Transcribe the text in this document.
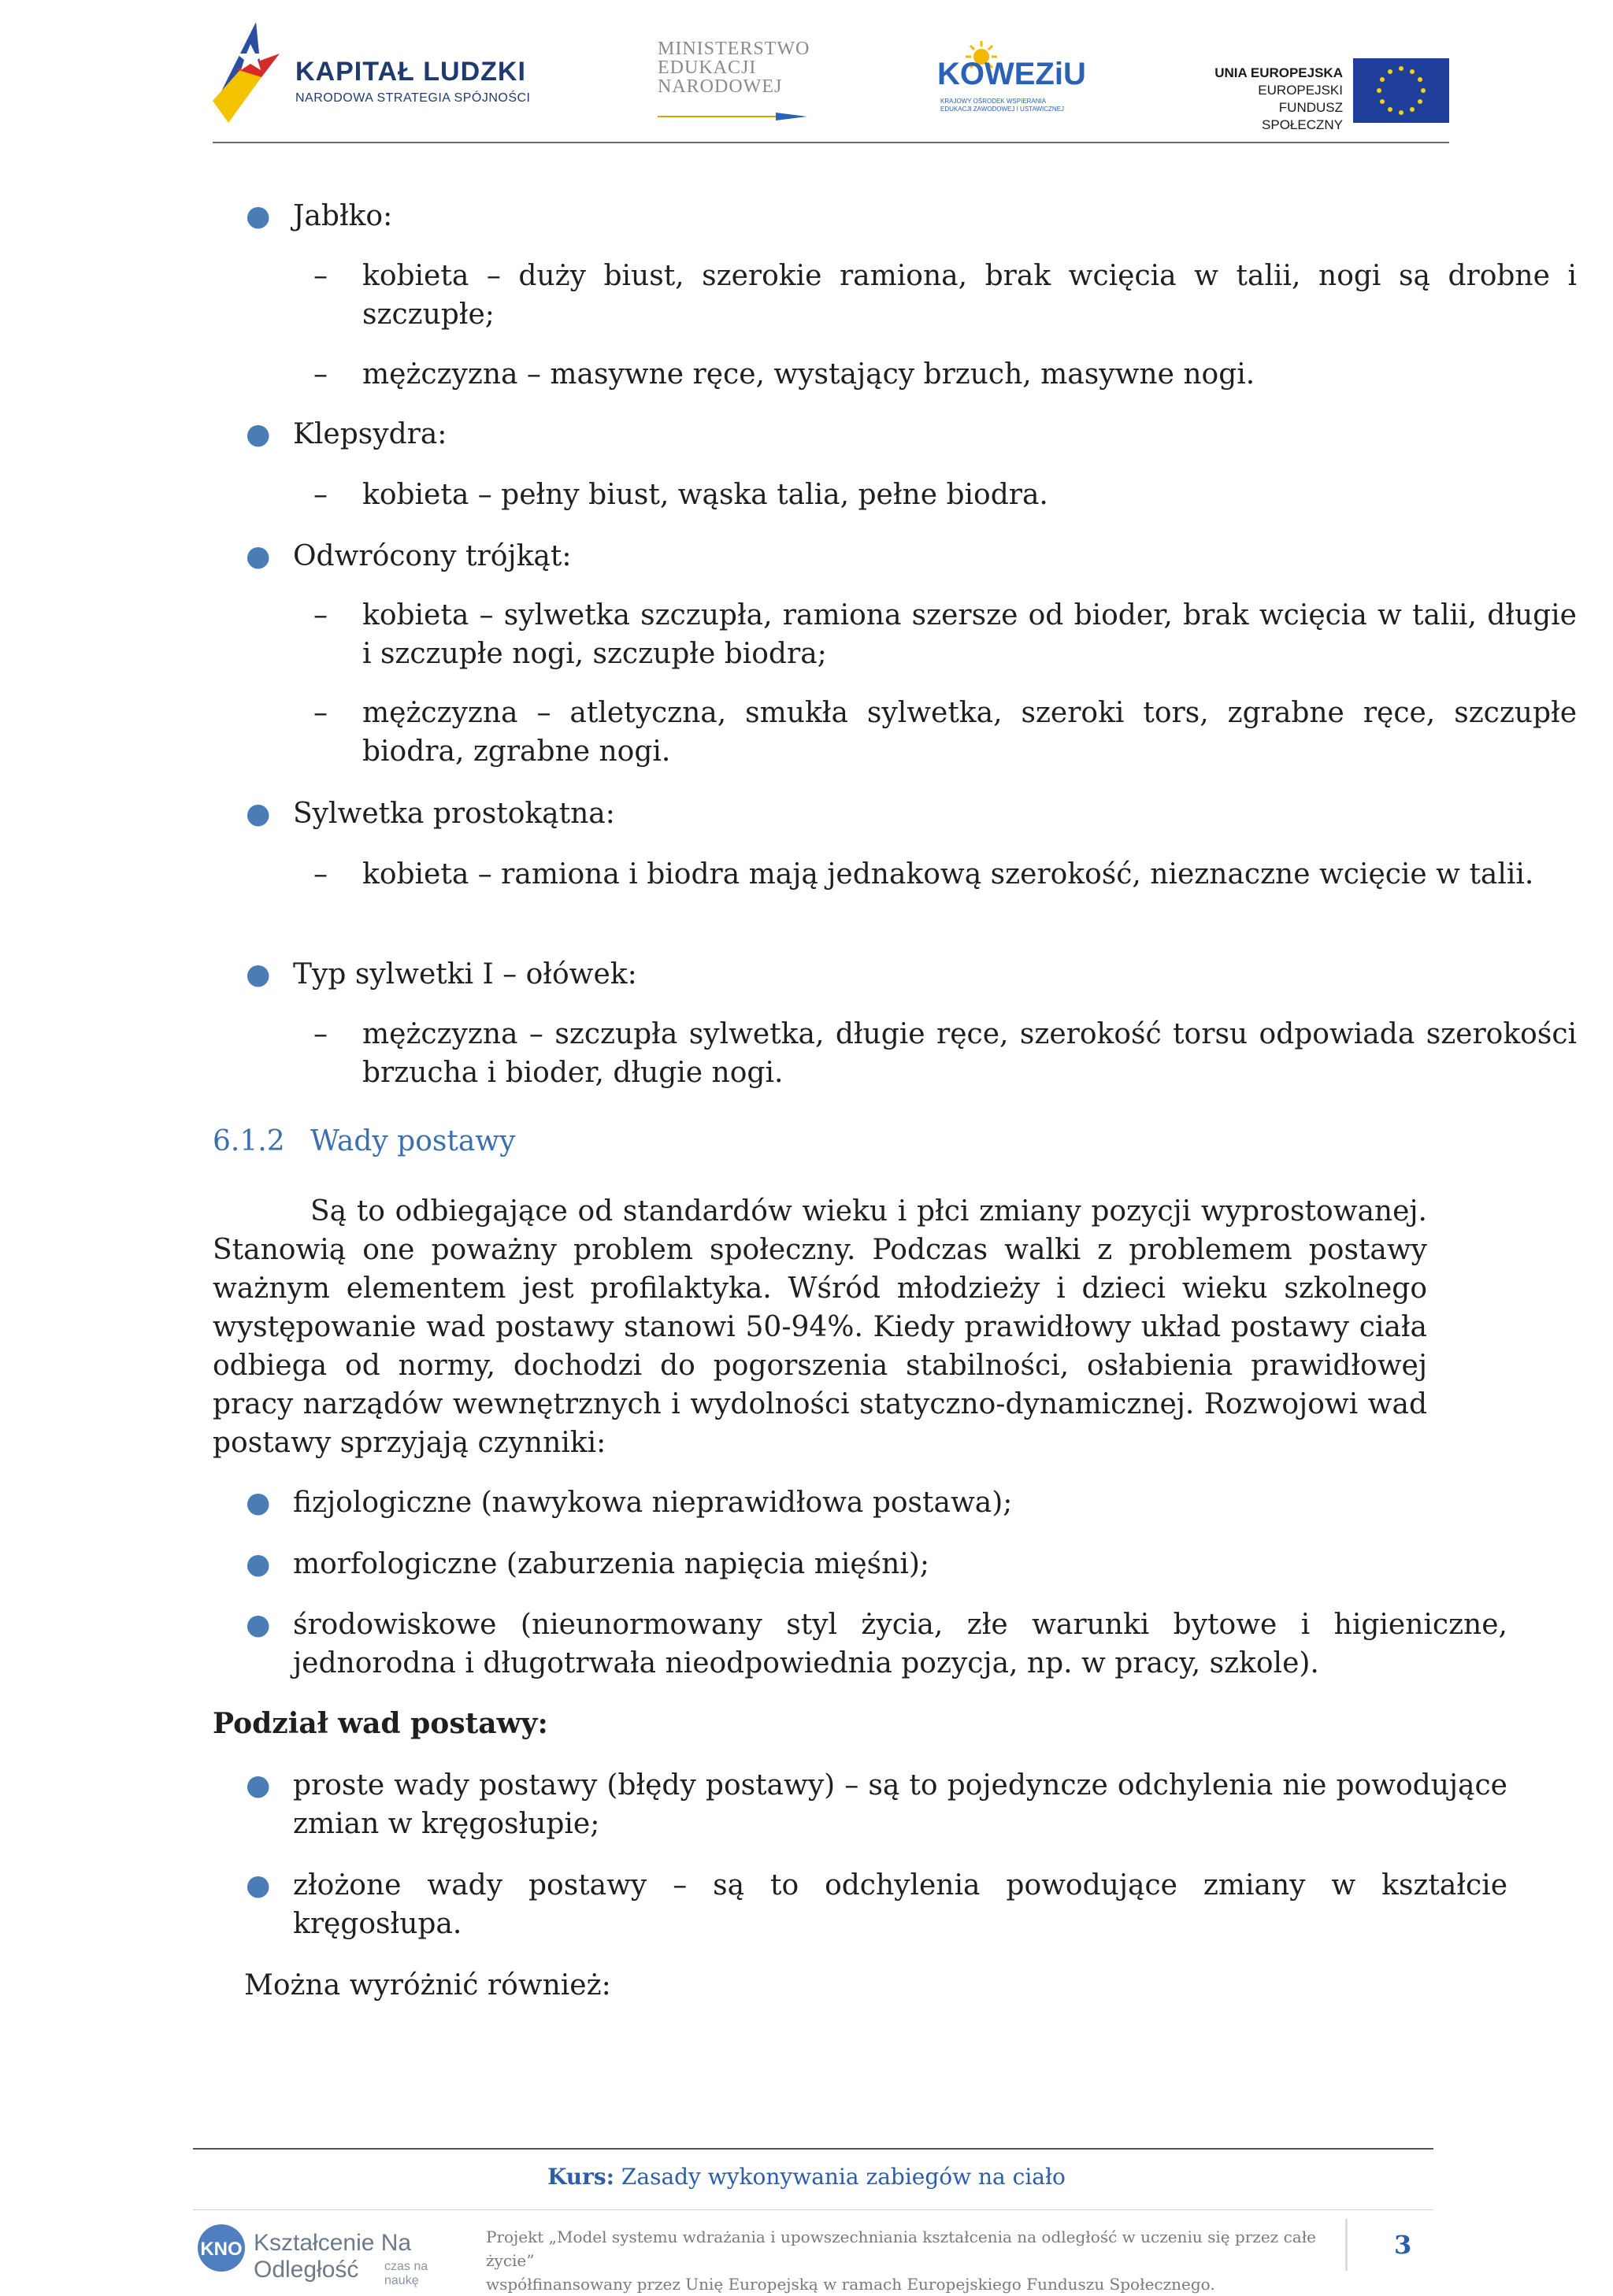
KAPITAŁ LUDZKI
NARODOWA STRATEGIA SPÓJNOŚCI
MINISTERSTWO
EDUKACJI
NARODOWEJ	KOWEZiU
KRAJOWY OŚRODEK WSPIERANIA EDUKACJI ZAWODOWEJ I USTAWICZNEJ
UNIA EUROPEJSKA
EUROPEJSKI
FUNDUSZ SPOŁECZNY
● Jabłko:
– kobieta – duży biust, szerokie ramiona, brak wcięcia w talii, nogi są drobne i szczupłe;
– mężczyzna – masywne ręce, wystający brzuch, masywne nogi.
● Klepsydra:
– kobieta – pełny biust, wąska talia, pełne biodra.
● Odwrócony trójkąt:
– kobieta – sylwetka szczupła, ramiona szersze od bioder, brak wcięcia w talii, długie i szczupłe nogi, szczupłe biodra;
– mężczyzna – atletyczna, smukła sylwetka, szeroki tors, zgrabne ręce, szczupłe biodra, zgrabne nogi.
● Sylwetka prostokątna:
– kobieta – ramiona i biodra mają jednakową szerokość, nieznaczne wcięcie w talii.
● Typ sylwetki I – ołówek:
– mężczyzna – szczupła sylwetka, długie ręce, szerokość torsu odpowiada szerokości brzucha i bioder, długie nogi.
6.1.2 Wady postawy
Są to odbiegające od standardów wieku i płci zmiany pozycji wyprostowanej. Stanowią one poważny problem społeczny. Podczas walki z problemem postawy ważnym elementem jest profilaktyka. Wśród młodzieży i dzieci wieku szkolnego występowanie wad postawy stanowi 50-94%. Kiedy prawidłowy układ postawy ciała odbiega od normy, dochodzi do pogorszenia stabilności, osłabienia prawidłowej pracy narządów wewnętrznych i wydolności statyczno-dynamicznej. Rozwojowi wad postawy sprzyjają czynniki:
● fizjologiczne (nawykowa nieprawidłowa postawa);
● morfologiczne (zaburzenia napięcia mięśni);
● środowiskowe (nieunormowany styl życia, złe warunki bytowe i higieniczne, jednorodna i długotrwała nieodpowiednia pozycja, np. w pracy, szkole).
Podział wad postawy:
● proste wady postawy (błędy postawy) – są to pojedyncze odchylenia nie powodujące zmian w kręgosłupie;
● złożone wady postawy – są to odchylenia powodujące zmiany w kształcie kręgosłupa.
Można wyróżnić również:
Kurs: Zasady wykonywania zabiegów na ciało
KNO Kształcenie Na Odległość	czas na naukę
Projekt „Model systemu wdrażania i upowszechniania kształcenia na odległość w uczeniu się przez całe życie”
współfinansowany przez Unię Europejską w ramach Europejskiego Funduszu Społecznego.
3
